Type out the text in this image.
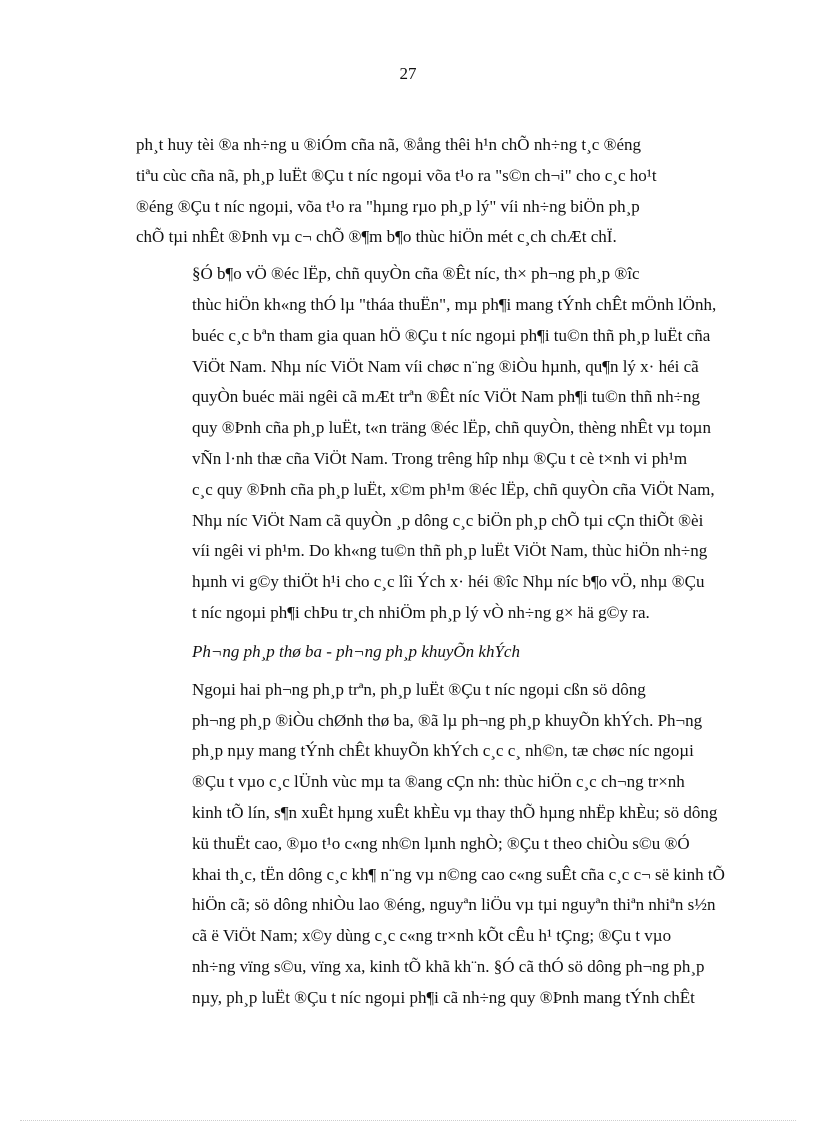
27

ph¸t huy tèi ®a nh÷ng u ®iÓm cña nã, ®ång thêi h¹n chÕ nh÷ng t¸c ®éng
tiªu cùc cña nã, ph¸p luËt ®Çu t níc ngoµi võa t¹o ra "s©n ch¬i" cho c¸c ho¹t
®éng ®Çu t níc ngoµi, võa t¹o ra "hµng rµo ph¸p lý" víi nh÷ng biÖn ph¸p
chÕ tµi nhÊt ®Þnh vµ c¬ chÕ ®¶m b¶o thùc hiÖn mét c¸ch chÆt chÏ.

§Ó b¶o vÖ ®éc lËp, chñ quyÒn cña ®Êt níc, th× ph¬ng ph¸p ®îc
thùc hiÖn kh«ng thÓ lµ "tháa thuËn", mµ ph¶i mang tÝnh chÊt mÖnh lÖnh,
buéc c¸c bªn tham gia quan hÖ ®Çu t níc ngoµi ph¶i tu©n thñ ph¸p luËt cña
ViÖt Nam. Nhµ níc ViÖt Nam víi chøc n¨ng ®iÒu hµnh, qu¶n lý x· héi cã
quyÒn buéc mäi ngêi cã mÆt trªn ®Êt níc ViÖt Nam ph¶i tu©n thñ nh÷ng
quy ®Þnh cña ph¸p luËt, t«n träng ®éc lËp, chñ quyÒn, thèng nhÊt vµ toµn
vÑn l·nh thæ cña ViÖt Nam. Trong trêng hîp nhµ ®Çu t cè t×nh vi ph¹m
c¸c quy ®Þnh cña ph¸p luËt, x©m ph¹m ®éc lËp, chñ quyÒn cña ViÖt Nam,
Nhµ níc ViÖt Nam cã quyÒn ¸p dông c¸c biÖn ph¸p chÕ tµi cÇn thiÕt ®èi
víi ngêi vi ph¹m. Do kh«ng tu©n thñ ph¸p luËt ViÖt Nam, thùc hiÖn nh÷ng
hµnh vi g©y thiÖt h¹i cho c¸c lîi Ých x· héi ®îc Nhµ níc b¶o vÖ, nhµ ®Çu
t níc ngoµi ph¶i chÞu tr¸ch nhiÖm ph¸p lý vÒ nh÷ng g× hä g©y ra.

Ph¬ng ph¸p thø ba - ph¬ng ph¸p khuyÕn khÝch

Ngoµi hai ph¬ng ph¸p trªn, ph¸p luËt ®Çu t níc ngoµi cßn sö dông
ph¬ng ph¸p ®iÒu chØnh thø ba, ®ã lµ ph¬ng ph¸p khuyÕn khÝch. Ph¬ng
ph¸p nµy mang tÝnh chÊt khuyÕn khÝch c¸c c¸ nh©n, tæ chøc níc ngoµi
®Çu t vµo c¸c lÜnh vùc mµ ta ®ang cÇn nh: thùc hiÖn c¸c ch¬ng tr×nh
kinh tÕ lín, s¶n xuÊt hµng xuÊt khÈu vµ thay thÕ hµng nhËp khÈu; sö dông
kü thuËt cao, ®µo t¹o c«ng nh©n lµnh nghÒ; ®Çu t theo chiÒu s©u ®Ó
khai th¸c, tËn dông c¸c kh¶ n¨ng vµ n©ng cao c«ng suÊt cña c¸c c¬ së kinh tÕ
hiÖn cã; sö dông nhiÒu lao ®éng, nguyªn liÖu vµ tµi nguyªn thiªn nhiªn s½n
cã ë ViÖt Nam; x©y dùng c¸c c«ng tr×nh kÕt cÊu h¹ tÇng; ®Çu t vµo
nh÷ng vïng s©u, vïng xa, kinh tÕ khã kh¨n. §Ó cã thÓ sö dông ph¬ng ph¸p
nµy, ph¸p luËt ®Çu t níc ngoµi ph¶i cã nh÷ng quy ®Þnh mang tÝnh chÊt
